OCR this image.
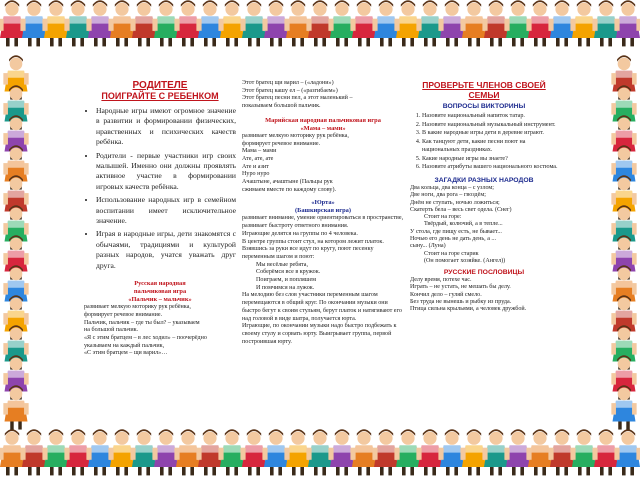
РОДИТЕЛЕ
ПОИГРАЙТЕ С РЕБЕНКОМ
• Народные игры имеют огромное значение в развитии и формировании физических, нравственных и психических качеств ребёнка.
• Родители - первые участники игр своих малышей. Именно они должны проявлять активное участие в формировании игровых качеств ребёнка.
• Использование народных игр в семейном воспитании имеет исключительное значение.
• Играя в народные игры, дети знакомятся с обычаями, традициями и культурой разных народов, учатся уважать друг друга.
Русская народная
пальчиковая игра
«Пальчик – мальчик»
развивает мелкую моторику рук ребёнка,
формирует речевое внимание.
Пальчик, пальчик – где ты был? – указываем
на большой пальчик.
«Я с этим братцем – в лес ходил» – поочерёдно
указываем на каждый пальчик,
«С этим братцем – щи варил»…
Этот братец щи варил – («ладони»)
Этот братец кашу ел – («разгибаем»)
Этот братец песни пел, а этот маленький –
показываем большой пальчик.
Марийская народная пальчиковая игра
«Мама – мами»
развивает мелкую моторику рук ребёнка,
формирует речевое внимание.
Мама – мами
Ате, ате, ате
Ате и азит
Нуро нуро
Ачаштыне, ачаштыне (Пальцы рук
сжимаем вместе по каждому слову).
«Юрта»
(Башкирская игра)
развивает внимание, умение ориентироваться в пространстве,
развивает быстроту ответного внимания.
Играющие делятся на группы по 4 человека.
В центре группы стоит стул, на котором лежит платок. Взявшись за руки все идут по кругу, поют песенку переменным шагом и поют:
Мы весёлые ребята,
Соберёмся все в кружок.
Поиграем, и попляшем
И помчимся на лужок.
На мелодию без слов участники переменным шагом перемещаются в общий круг. По окончании музыки они быстро бегут к своим стульям, берут платок и натягивают его над головой в виде шатра, получается юрта.
Играющие, по окончании музыки надо быстро подбежать к своему стулу и сорвать юрту. Выигрывает группа, первой построившая юрту.
ПРОВЕРЬТЕ ЧЛЕНОВ СВОЕЙ СЕМЬИ
ВОПРОСЫ ВИКТОРИНЫ
1. Назовите национальный напиток татар.
2. Назовите национальный музыкальный инструмент.
3. В какие народные игры дети в деревне играют.
4. Как танцуют дети, какие песни поют на национальных праздниках.
5. Какие народные игры вы знаете?
6. Назовите атрибуты вашего национального костюма.
ЗАГАДКИ РАЗНЫХ НАРОДОВ
Два кольца, два конца – с узлом;
Две ноги, два рога – гвоздём;
Днём не ступать, ночью ложиться;
Скатерть бела – весь свет одела. (Снег)
Стоит на горе:
Твёрдый, колючий, а в тепле...
У стола, где пищу есть, не бывает...
Ночью его день не дать день, а ...
сыну... (Луна)
Стоит на горе старик
(Он помогает хозяйке. (Ангел))
РУССКИЕ ПОСЛОВИЦЫ
Делу время, потехе час.
Играть – не устать, не мешать бы делу.
Кончил дело – гуляй смело.
Без труда не вынешь и рыбку из пруда.
Птица сильна крыльями, а человек дружбой.
